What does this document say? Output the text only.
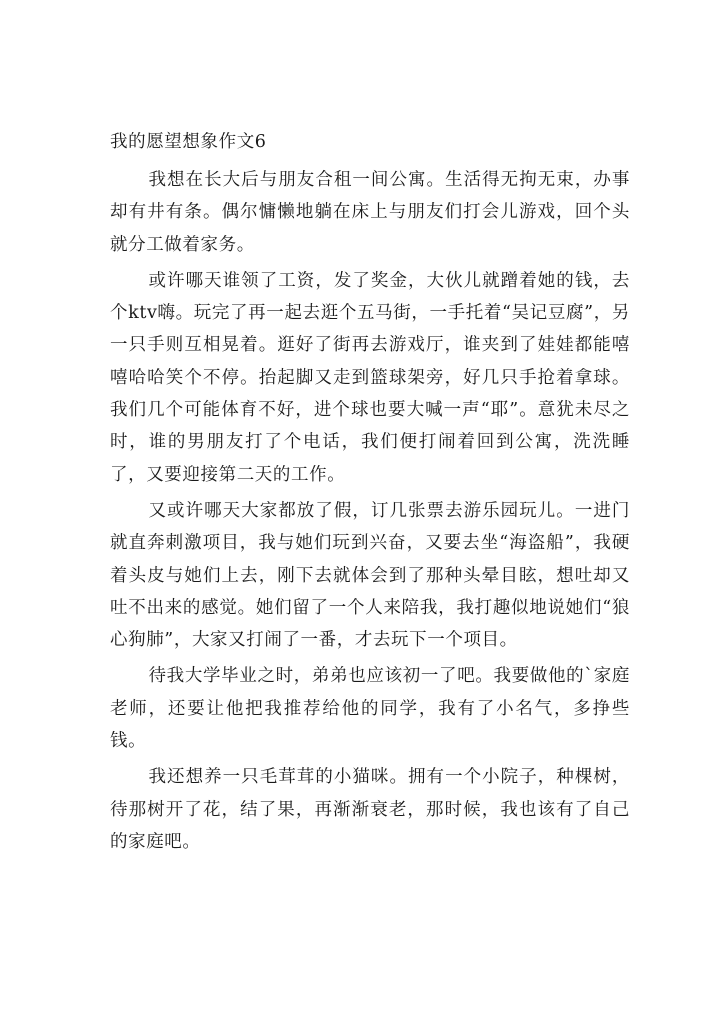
我的愿望想象作文6

我想在长大后与朋友合租一间公寓。生活得无拘无束，办事却有井有条。偶尔慵懒地躺在床上与朋友们打会儿游戏，回个头就分工做着家务。

或许哪天谁领了工资，发了奖金，大伙儿就蹭着她的钱，去个ktv嗨。玩完了再一起去逛个五马街，一手托着“吴记豆腐”，另一只手则互相晃着。逛好了街再去游戏厅，谁夹到了娃娃都能嘻嘻哈哈笑个不停。抬起脚又走到篮球架旁，好几只手抢着拿球。我们几个可能体育不好，进个球也要大喊一声“耶”。意犹未尽之时，谁的男朋友打了个电话，我们便打闹着回到公寓，洗洗睡了，又要迎接第二天的工作。

又或许哪天大家都放了假，订几张票去游乐园玩儿。一进门就直奔刺激项目，我与她们玩到兴奋，又要去坐“海盗船”，我硬着头皮与她们上去，刚下去就体会到了那种头晕目眩，想吐却又吐不出来的感觉。她们留了一个人来陪我，我打趣似地说她们“狼心狗肺”，大家又打闹了一番，才去玩下一个项目。

待我大学毕业之时，弟弟也应该初一了吧。我要做他的`家庭老师，还要让他把我推荐给他的同学，我有了小名气，多挣些钱。

我还想养一只毛茸茸的小猫咪。拥有一个小院子，种棵树，待那树开了花，结了果，再渐渐衰老，那时候，我也该有了自己的家庭吧。
